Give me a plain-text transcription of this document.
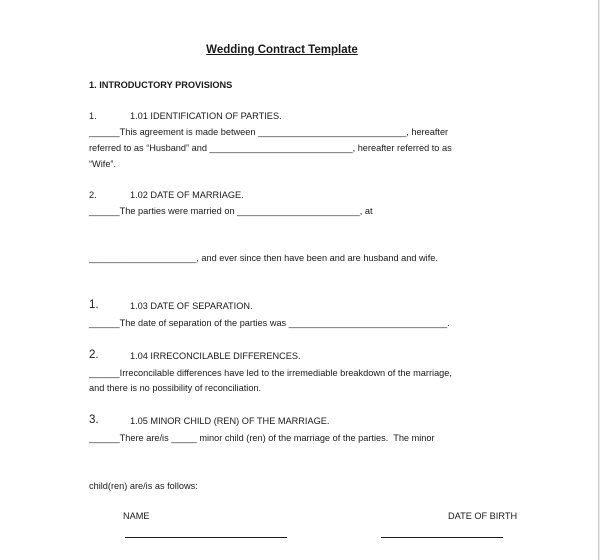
Wedding Contract Template
1. INTRODUCTORY PROVISIONS
1.	1.01 IDENTIFICATION OF PARTIES.
______This agreement is made between _____________________________, hereafter
referred to as “Husband” and ____________________________, hereafter referred to as
“Wife”.
2.	1.02 DATE OF MARRIAGE.
______The parties were married on ________________________, at
_____________________, and ever since then have been and are husband and wife.
1.	1.03 DATE OF SEPARATION.
______The date of separation of the parties was _______________________________.
2.	1.04 IRRECONCILABLE DIFFERENCES.
______Irreconcilable differences have led to the irremediable breakdown of the marriage,
and there is no possibility of reconciliation.
3.	1.05 MINOR CHILD (REN) OF THE MARRIAGE.
______There are/is _____ minor child (ren) of the marriage of the parties.  The minor
child(ren) are/is as follows:
NAME	DATE OF BIRTH
